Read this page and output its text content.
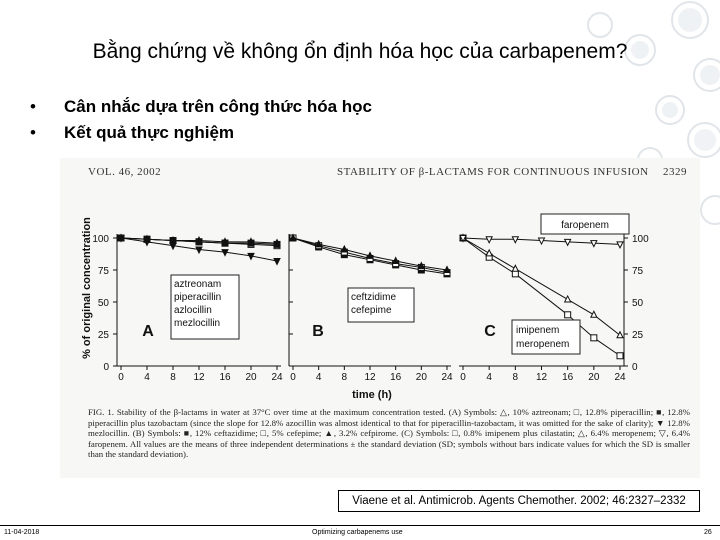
Bằng chứng về không ổn định hóa học của carbapenem?
•	Cân nhắc dựa trên công thức hóa học
•	Kết quả thực nghiệm
VOL. 46, 2002	STABILITY OF β-LACTAMS FOR CONTINUOUS INFUSION 2329
% of original concentration
time (h)
0 4 8 12 16 20 24
0
25
50
75
100
A
aztreonam
piperacillin
azlocillin
mezlocillin
0 4 8 12 16 20 24
B
ceftzidime
cefepime
0 4 8 12 16 20 24
0
25
50
75
100
C
faropenem
imipenem
meropenem
FIG. 1. Stability of the β-lactams in water at 37°C over time at the maximum concentration tested. (A) Symbols: △, 10% aztreonam; □, 12.8% piperacillin; ■, 12.8% piperacillin plus tazobactam (since the slope for 12.8% azocillin was almost identical to that for piperacillin-tazobactam, it was omitted for the sake of clarity); ▼ 12.8% mezlocillin. (B) Symbols: ■, 12% ceftazidime; □, 5% cefepime; ▲, 3.2% cefpirome. (C) Symbols: □, 0.8% imipenem plus cilastatin; △, 6.4% meropenem; ▽, 6.4% faropenem. All values are the means of three independent determinations ± the standard deviation (SD; symbols without bars indicate values for which the SD is smaller than the standard deviation).
Viaene et al. Antimicrob. Agents Chemother. 2002; 46:2327–2332
11-04-2018	Optimizing carbapenems use	26
